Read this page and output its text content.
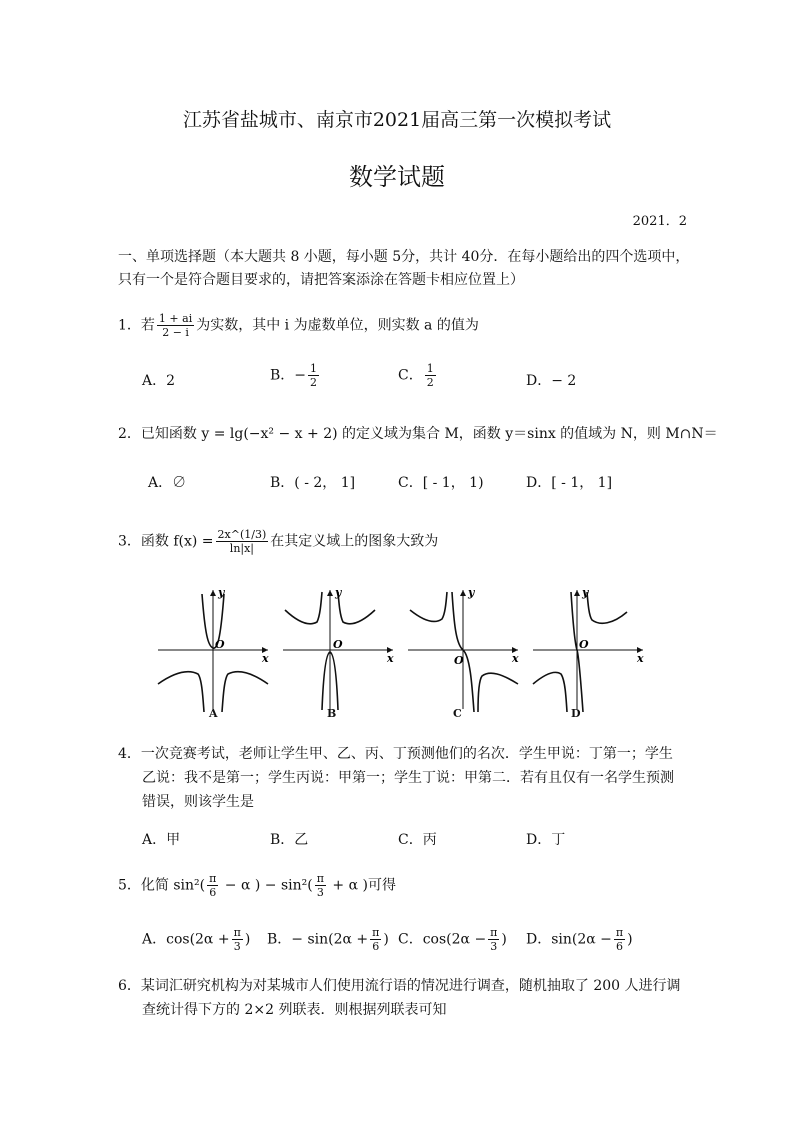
江苏省盐城市、南京市2021届高三第一次模拟考试
数学试题
2021．2
一、单项选择题（本大题共 8 小题，每小题 5分，共计 40分．在每小题给出的四个选项中，
只有一个是符合题目要求的，请把答案添涂在答题卡相应位置上）
1．若 $\frac{1 + ai}{2 - i}$ 为实数，其中 i 为虚数单位，则实数 a 的值为
A．2	B．− $\frac{1}{2}$	C． $\frac{1}{2}$	D．− 2
2．已知函数 y = lg(−x² − x + 2) 的定义域为集合 M，函数 y＝sinx 的值域为 N，则 M∩N＝
A．∅	B．( - 2， 1]	C．[ - 1， 1)	D．[ - 1， 1]
3．函数 $f(x) = \frac{2x\^{}(1/3)}{\ln|x|}$ 在其定义域上的图象大致为
y
x
O
y
x
O
y
x
O
y
x
O
A	B	C	D
4．一次竞赛考试，老师让学生甲、乙、丙、丁预测他们的名次．学生甲说：丁第一；学生
乙说：我不是第一；学生丙说：甲第一；学生丁说：甲第二．若有且仅有一名学生预测
错误，则该学生是
A．甲	B．乙	C．丙	D．丁
5．化简 $\sin^2( \frac{\pi}{6} - \alpha$ ) − $\sin^2( \frac{\pi}{3} + \alpha$ )可得
A．$\cos(2\alpha + \frac{\pi}{3}$ ) B．− $\sin(2\alpha + \frac{\pi}{6}$ ) C．$\cos(2\alpha - \frac{\pi}{3}$ ) D．$\sin(2\alpha - \frac{\pi}{6}$ )
6．某词汇研究机构为对某城市人们使用流行语的情况进行调查，随机抽取了 200 人进行调
查统计得下方的 2×2 列联表．则根据列联表可知
